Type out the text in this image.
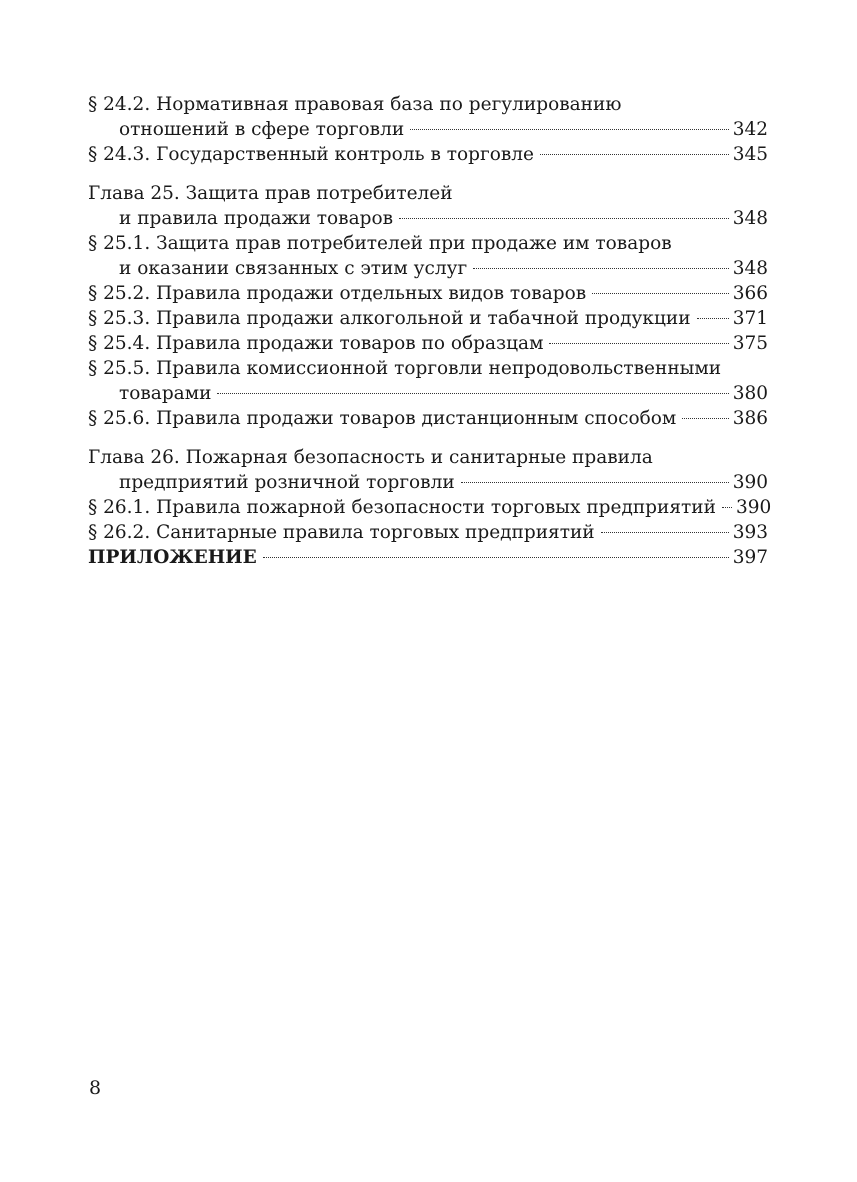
§ 24.2. Нормативная правовая база по регулированию
отношений в сфере торговли	342
§ 24.3. Государственный контроль в торговле	345
Глава 25. Защита прав потребителей
и правила продажи товаров	348
§ 25.1. Защита прав потребителей при продаже им товаров
и оказании связанных с этим услуг	348
§ 25.2. Правила продажи отдельных видов товаров	366
§ 25.3. Правила продажи алкогольной и табачной продукции 371
§ 25.4. Правила продажи товаров по образцам	375
§ 25.5. Правила комиссионной торговли непродовольственными
товарами	380
§ 25.6. Правила продажи товаров дистанционным способом	386
Глава 26. Пожарная безопасность и санитарные правила
предприятий розничной торговли	390
§ 26.1. Правила пожарной безопасности торговых предприятий 390
§ 26.2. Санитарные правила торговых предприятий	393
ПРИЛОЖЕНИЕ	397
8
